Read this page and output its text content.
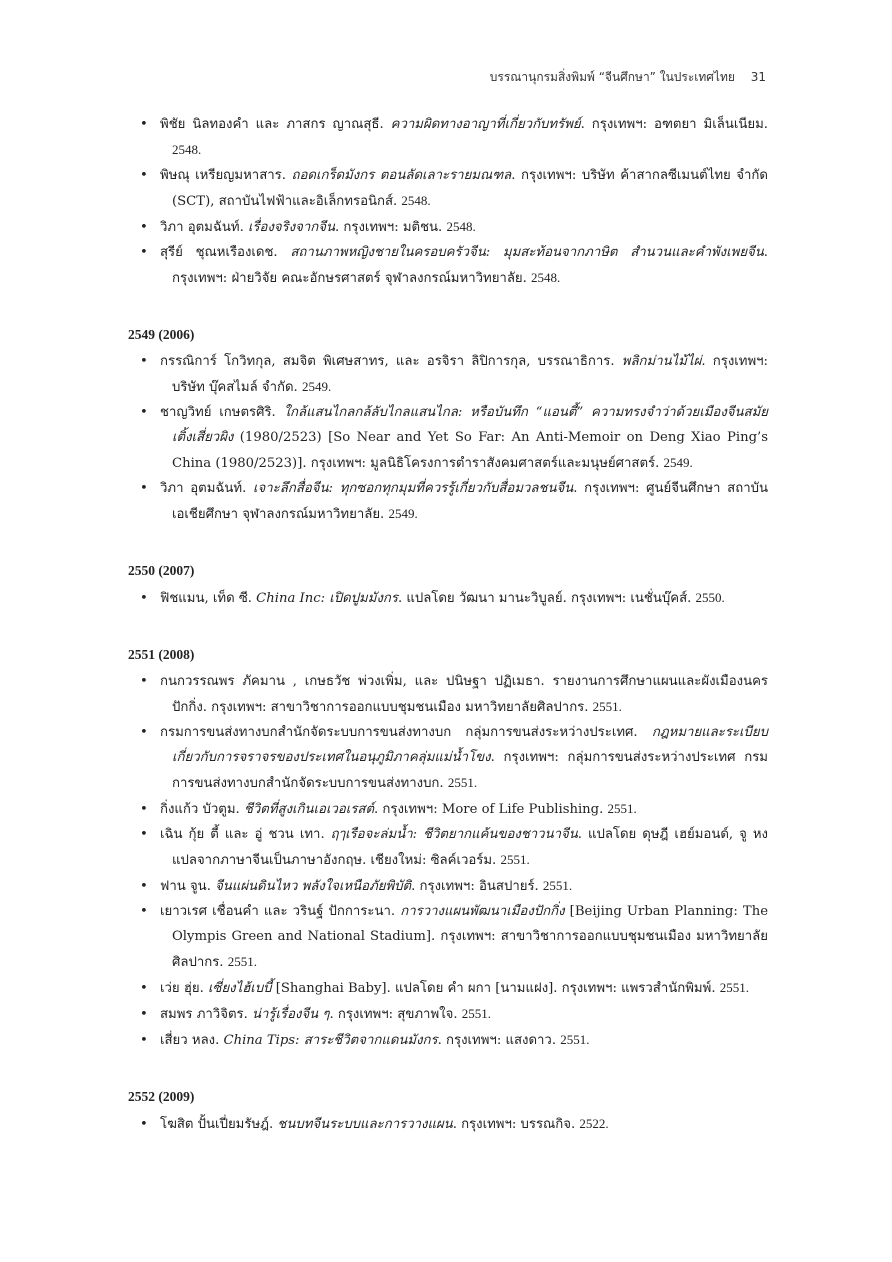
บรรณานุกรมสิ่งพิมพ์ “จีนศึกษา” ในประเทศไทย 31
• พิชัย นิลทองคำ และ ภาสกร ญาณสุธี. ความผิดทางอาญาที่เกี่ยวกับทรัพย์. กรุงเทพฯ: อฑตยา มิเล็นเนียม. 2548.
• พิษณุ เหรียญมหาสาร. ถอดเกร็ดมังกร ตอนลัดเลาะรายมณฑล. กรุงเทพฯ: บริษัท ค้าสากลซีเมนต์ไทย จำกัด (SCT), สถาบันไฟฟ้าและอิเล็กทรอนิกส์. 2548.
• วิภา อุตมฉันท์. เรื่องจริงจากจีน. กรุงเทพฯ: มติชน. 2548.
• สุรีย์ ชุณหเรืองเดช. สถานภาพหญิงชายในครอบครัวจีน: มุมสะท้อนจากภาษิต สำนวนและคำพังเพยจีน. กรุงเทพฯ: ฝ่ายวิจัย คณะอักษรศาสตร์ จุฬาลงกรณ์มหาวิทยาลัย. 2548.
2549 (2006)
• กรรณิการ์ โกวิทกุล, สมจิต พิเศษสาทร, และ อรจิรา ลิปิการกุล, บรรณาธิการ. พลิกม่านไม้ไผ่. กรุงเทพฯ: บริษัท บุ๊คสไมล์ จำกัด. 2549.
• ชาญวิทย์ เกษตรศิริ. ใกล้แสนไกลกล้ลับไกลแสนไกล: หรือบันทึก “แอนตี้” ความทรงจำว่าด้วยเมืองจีนสมัยเติ้งเสี่ยวผิง (1980/2523) [So Near and Yet So Far: An Anti-Memoir on Deng Xiao Ping’s China (1980/2523)]. กรุงเทพฯ: มูลนิธิโครงการตำราสังคมศาสตร์และมนุษย์ศาสตร์. 2549.
• วิภา อุตมฉันท์. เจาะลึกสื่อจีน: ทุกซอกทุกมุมที่ควรรู้เกี่ยวกับสื่อมวลชนจีน. กรุงเทพฯ: ศูนย์จีนศึกษา สถาบันเอเชียศึกษา จุฬาลงกรณ์มหาวิทยาลัย. 2549.
2550 (2007)
• ฟิชแมน, เท็ด ซี. China Inc: เปิดปูมมังกร. แปลโดย วัฒนา มานะวิบูลย์. กรุงเทพฯ: เนชั่นบุ๊คส์. 2550.
2551 (2008)
• กนกวรรณพร ภัคมาน , เกษธวัช พ่วงเพิ่ม, และ ปนิษฐา ปฏิเมธา. รายงานการศึกษาแผนและผังเมืองนครปักกิ่ง. กรุงเทพฯ: สาขาวิชาการออกแบบชุมชนเมือง มหาวิทยาลัยศิลปากร. 2551.
• กรมการขนส่งทางบกสำนักจัดระบบการขนส่งทางบก กลุ่มการขนส่งระหว่างประเทศ. กฎหมายและระเบียบเกี่ยวกับการจราจรของประเทศในอนุภูมิภาคลุ่มแม่น้ำโขง. กรุงเทพฯ: กลุ่มการขนส่งระหว่างประเทศ กรมการขนส่งทางบกสำนักจัดระบบการขนส่งทางบก. 2551.
• กิ่งแก้ว บัวตูม. ชีวิตที่สูงเกินเอเวอเรสต์. กรุงเทพฯ: More of Life Publishing. 2551.
• เฉิน กุ้ย ตี้ และ อู่ ชวน เทา. ฤๅเรือจะล่มน้ำ: ชีวิตยากแค้นของชาวนาจีน. แปลโดย ดุษฎี เฮย์มอนด์, จู หง แปลจากภาษาจีนเป็นภาษาอังกฤษ. เชียงใหม่: ซิลค์เวอร์ม. 2551.
• ฟาน จูน. จีนแผ่นดินไหว พลังใจเหนือภัยพิบัติ. กรุงเทพฯ: อินสปายร์. 2551.
• เยาวเรศ เชื่อนคำ และ วรินฐ์ ปักการะนา. การวางแผนพัฒนาเมืองปักกิ่ง [Beijing Urban Planning: The Olympis Green and National Stadium]. กรุงเทพฯ: สาขาวิชาการออกแบบชุมชนเมือง มหาวิทยาลัยศิลปากร. 2551.
• เว่ย ฮุ่ย. เซี่ยงไฮ้เบบี้ [Shanghai Baby]. แปลโดย คำ ผกา [นามแฝง]. กรุงเทพฯ: แพรวสำนักพิมพ์. 2551.
• สมพร ภาวิจิตร. น่ารู้เรื่องจีน ๆ. กรุงเทพฯ: สุขภาพใจ. 2551.
• เสี่ยว หลง. China Tips: สาระชีวิตจากแดนมังกร. กรุงเทพฯ: แสงดาว. 2551.
2552 (2009)
• โฆสิต ปั้นเปี่ยมรัษฎ์. ชนบทจีนระบบและการวางแผน. กรุงเทพฯ: บรรณกิจ. 2522.
